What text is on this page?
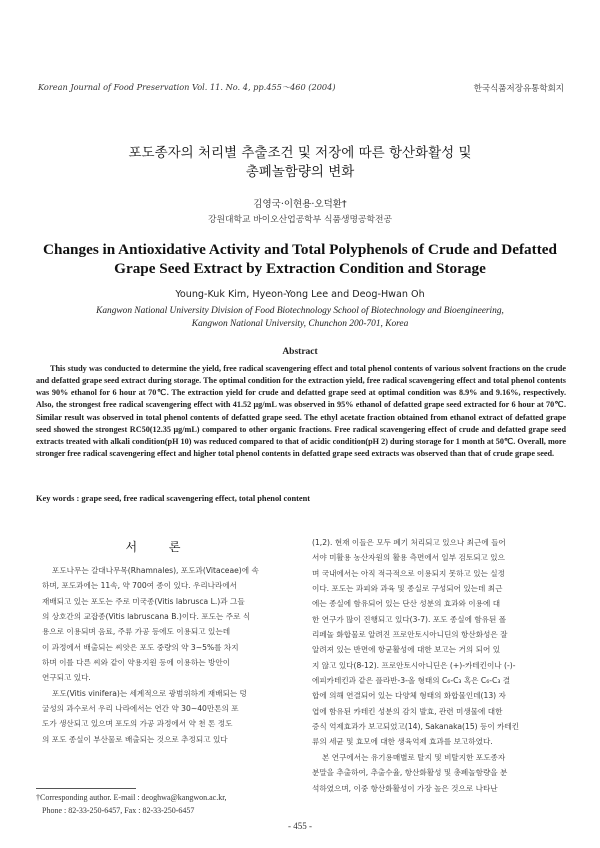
Korean Journal of Food Preservation Vol. 11. No. 4, pp.455～460 (2004)	한국식품저장유통학회지
포도종자의 처리별 추출조건 및 저장에 따른 항산화활성 및
총폐놀함량의 변화
김영국·이현용·오덕환†
강원대학교 바이오산업공학부 식품생명공학전공
Changes in Antioxidative Activity and Total Polyphenols of Crude and Defatted
Grape Seed Extract by Extraction Condition and Storage
Young-Kuk Kim, Hyeon-Yong Lee and Deog-Hwan Oh
Kangwon National University Division of Food Biotechnology School of Biotechnology and Bioengineering,
Kangwon National University, Chunchon 200-701, Korea
Abstract

This study was conducted to determine the yield, free radical scavengering effect and total phenol contents of various solvent fractions on the crude and defatted grape seed extract during storage. The optimal condition for the extraction yield, free radical scavengering effect and total phenol contents was 90% ethanol for 6 hour at 70℃. The extraction yield for crude and defatted grape seed at optimal condition was 8.9% and 9.16%, respectively. Also, the strongest free radical scavengering effect with 41.52 μg/mL was observed in 95% ethanol of defatted grape seed extracted for 6 hour at 70℃. Similar result was observed in total phenol contents of defatted grape seed. The ethyl acetate fraction obtained from ethanol extract of defatted grape seed showed the strongest RC50(12.35 μg/mL) compared to other organic fractions. Free radical scavengering effect of crude and defatted grape seed extracts treated with alkali condition(pH 10) was reduced compared to that of acidic condition(pH 2) during storage for 1 month at 50℃. Overall, more stronger free radical scavengering effect and higher total phenol contents in defatted grape seed extracts was observed than that of crude grape seed.

Key words : grape seed, free radical scavengering effect, total phenol content
서 론
포도나무는 갈대나무목(Rhamnales), 포도과(Vitaceae)에 속
하며, 포도과에는 11속, 약 700여 종이 있다. 우리나라에서
재배되고 있는 포도는 주로 미국종(Vitis labrusca L.)과 그들
의 상호간의 교잡종(Vitis labruscana B.)이다. 포도는 주로 식
용으로 이용되며 음료, 주류 가공 등에도 이용되고 있는데
이 과정에서 배출되는 씨앗은 포도 중량의 약 3~5%를 차지
하며 이를 다른 씨와 같이 약용지원 등에 이용하는 방안이
연구되고 있다.
포도(Vitis vinifera)는 세계적으로 광범위하게 재배되는 덩
굴성의 과수로서 우리 나라에서는 연간 약 30~40만톤의 포
도가 생산되고 있으며 포도의 가공 과정에서 약 천 톤 정도
의 포도 종실이 부산물로 배출되는 것으로 추정되고 있다
(1,2). 현재 이들은 모두 폐기 처리되고 있으나 최근에 들어
서야 미활용 농산자원의 활용 측면에서 일부 검토되고 있으
며 국내에서는 아직 적극적으로 이용되지 못하고 있는 실정
이다. 포도는 과피와 과육 및 종실로 구성되어 있는데 최근
에는 종실에 함유되어 있는 단산 성분의 효과와 이용에 대
한 연구가 많이 진행되고 있다(3-7). 포도 종실에 함유된 폴
리페놀 화합물로 알려진 프로안토시아니딘의 항산화성은 잘
알려져 있는 반면에 항균활성에 대한 보고는 거의 되어 있
지 않고 있다(8-12). 프로안토시아니딘은 (+)-카테킨이나 (-)-
에피카테킨과 같은 플라반-3-올 형태의 C₆-C₃ 혹은 C₆-C₃ 결
합에 의해 연결되어 있는 다양체 형태의 화합물인데(13) 자
엽에 함유된 카테킨 성분의 감치 발효, 관련 미생물에 대한
증식 억제효과가 보고되었고(14), Sakanaka(15) 등이 카테킨
류의 세균 및 효모에 대한 생육억제 효과를 보고하였다.
본 연구에서는 유기용매별로 탈지 및 비탈지한 포도종자
분말을 추출하여, 추출수율, 항산화활성 및 총폐놀함량을 분
석하였으며, 이중 항산화활성이 가장 높은 것으로 나타난
†Corresponding author. E-mail : deoghwa@kangwon.ac.kr,
Phone : 82-33-250-6457, Fax : 82-33-250-6457
- 455 -
